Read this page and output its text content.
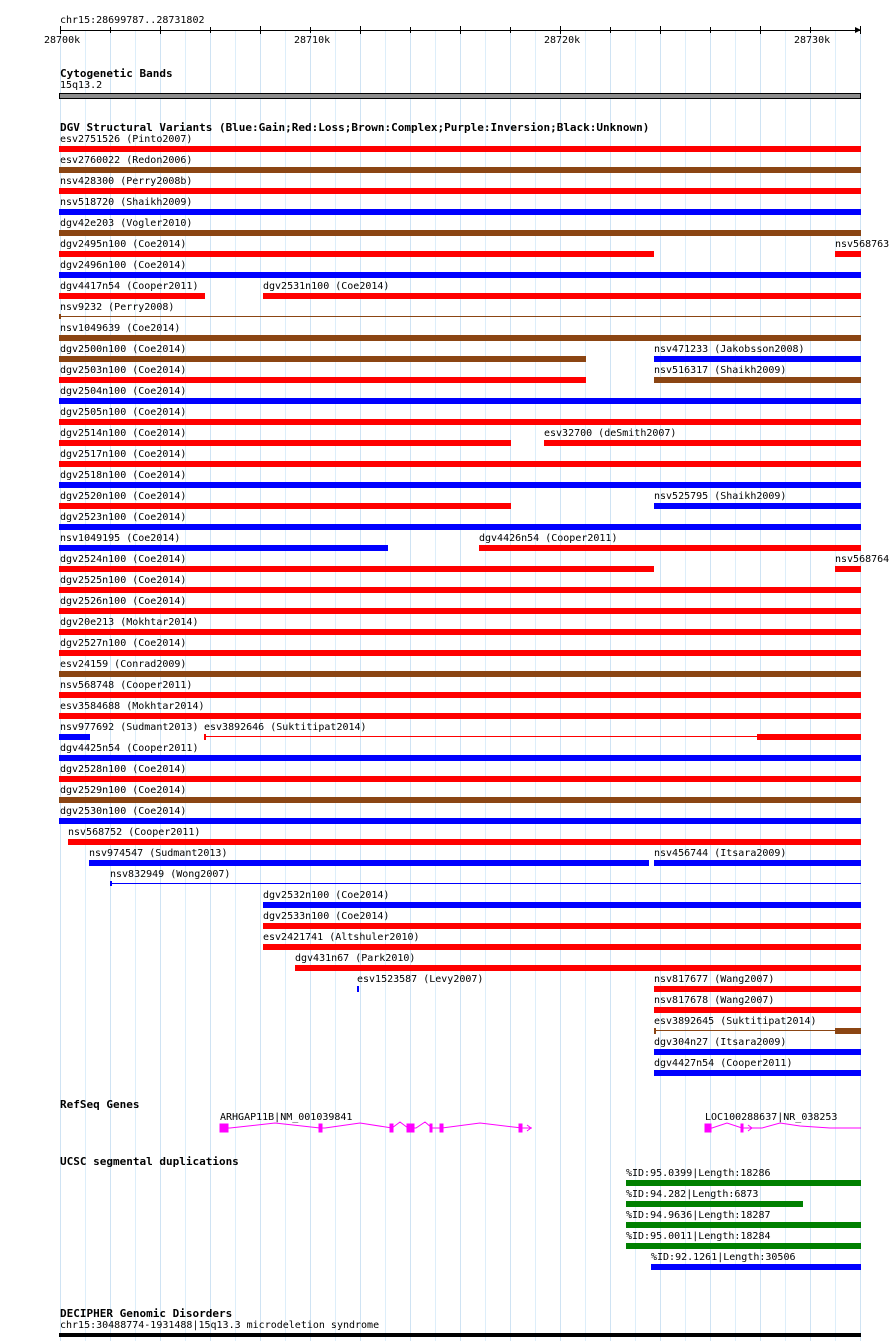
chr15:28699787..28731802
28700k	28710k	28720k	28730k
Cytogenetic Bands
15q13.2
DGV Structural Variants (Blue:Gain;Red:Loss;Brown:Complex;Purple:Inversion;Black:Unknown)
esv2751526 (Pinto2007)
esv2760022 (Redon2006)
nsv428300 (Perry2008b)
nsv518720 (Shaikh2009)
dgv42e203 (Vogler2010)
dgv2495n100 (Coe2014)	nsv568763
dgv2496n100 (Coe2014)
dgv4417n54 (Cooper2011)	dgv2531n100 (Coe2014)
nsv9232 (Perry2008)
nsv1049639 (Coe2014)
dgv2500n100 (Coe2014)	nsv471233 (Jakobsson2008)
dgv2503n100 (Coe2014)	nsv516317 (Shaikh2009)
dgv2504n100 (Coe2014)
dgv2505n100 (Coe2014)
dgv2514n100 (Coe2014)	esv32700 (deSmith2007)
dgv2517n100 (Coe2014)
dgv2518n100 (Coe2014)
dgv2520n100 (Coe2014)	nsv525795 (Shaikh2009)
dgv2523n100 (Coe2014)
nsv1049195 (Coe2014)	dgv4426n54 (Cooper2011)
dgv2524n100 (Coe2014)	nsv568764
dgv2525n100 (Coe2014)
dgv2526n100 (Coe2014)
dgv20e213 (Mokhtar2014)
dgv2527n100 (Coe2014)
esv24159 (Conrad2009)
nsv568748 (Cooper2011)
esv3584688 (Mokhtar2014)
nsv977692 (Sudmant2013) esv3892646 (Suktitipat2014)
dgv4425n54 (Cooper2011)
dgv2528n100 (Coe2014)
dgv2529n100 (Coe2014)
dgv2530n100 (Coe2014)
nsv568752 (Cooper2011)
nsv974547 (Sudmant2013)	nsv456744 (Itsara2009)
nsv832949 (Wong2007)
dgv2532n100 (Coe2014)
dgv2533n100 (Coe2014)
esv2421741 (Altshuler2010)
dgv431n67 (Park2010)
esv1523587 (Levy2007)	nsv817677 (Wang2007)
nsv817678 (Wang2007)
esv3892645 (Suktitipat2014)
dgv304n27 (Itsara2009)
dgv4427n54 (Cooper2011)
RefSeq Genes
ARHGAP11B|NM_001039841	LOC100288637|NR_038253
UCSC segmental duplications
%ID:95.0399|Length:18286
%ID:94.282|Length:6873
%ID:94.9636|Length:18287
%ID:95.0011|Length:18284
%ID:92.1261|Length:30506
DECIPHER Genomic Disorders
chr15:30488774-1931488|15q13.3 microdeletion syndrome
